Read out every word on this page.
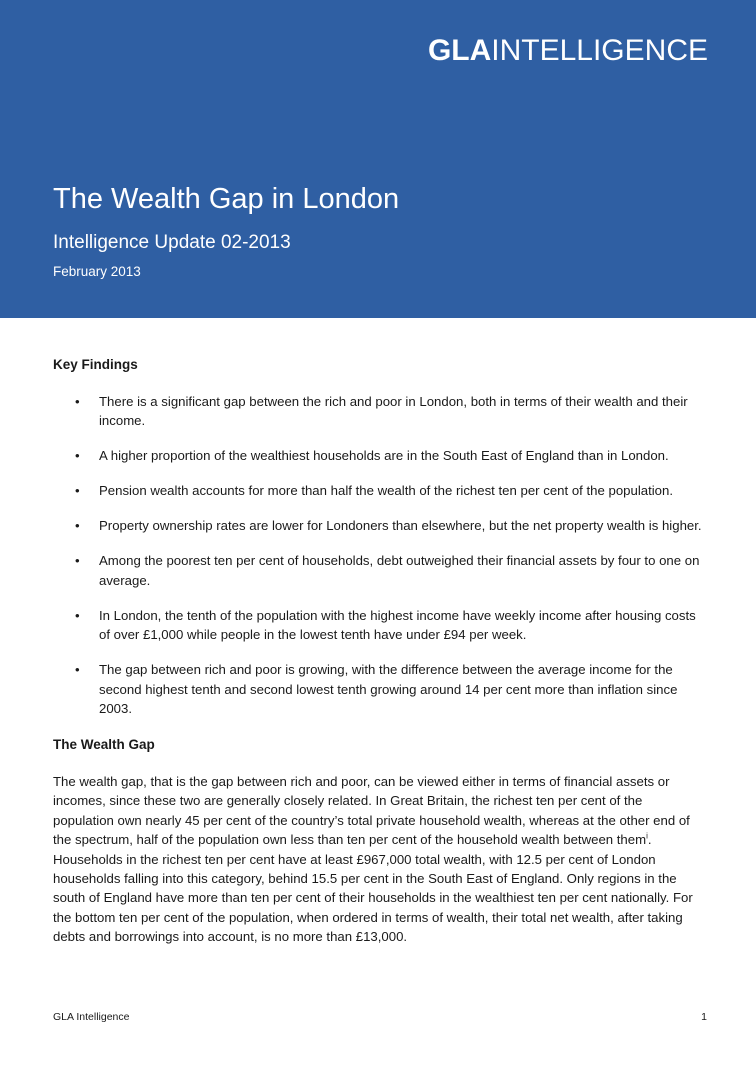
GLAINTELLIGENCE
The Wealth Gap in London
Intelligence Update 02-2013
February 2013
Key Findings
• There is a significant gap between the rich and poor in London, both in terms of their wealth and their income.
• A higher proportion of the wealthiest households are in the South East of England than in London.
• Pension wealth accounts for more than half the wealth of the richest ten per cent of the population.
• Property ownership rates are lower for Londoners than elsewhere, but the net property wealth is higher.
• Among the poorest ten per cent of households, debt outweighed their financial assets by four to one on average.
• In London, the tenth of the population with the highest income have weekly income after housing costs of over £1,000 while people in the lowest tenth have under £94 per week.
• The gap between rich and poor is growing, with the difference between the average income for the second highest tenth and second lowest tenth growing around 14 per cent more than inflation since 2003.
The Wealth Gap

The wealth gap, that is the gap between rich and poor, can be viewed either in terms of financial assets or incomes, since these two are generally closely related. In Great Britain, the richest ten per cent of the population own nearly 45 per cent of the country’s total private household wealth, whereas at the other end of the spectrum, half of the population own less than ten per cent of the household wealth between them$^i$. Households in the richest ten per cent have at least £967,000 total wealth, with 12.5 per cent of London households falling into this category, behind 15.5 per cent in the South East of England. Only regions in the south of England have more than ten per cent of their households in the wealthiest ten per cent nationally. For the bottom ten per cent of the population, when ordered in terms of wealth, their total net wealth, after taking debts and borrowings into account, is no more than £13,000.

GLA Intelligence	1
